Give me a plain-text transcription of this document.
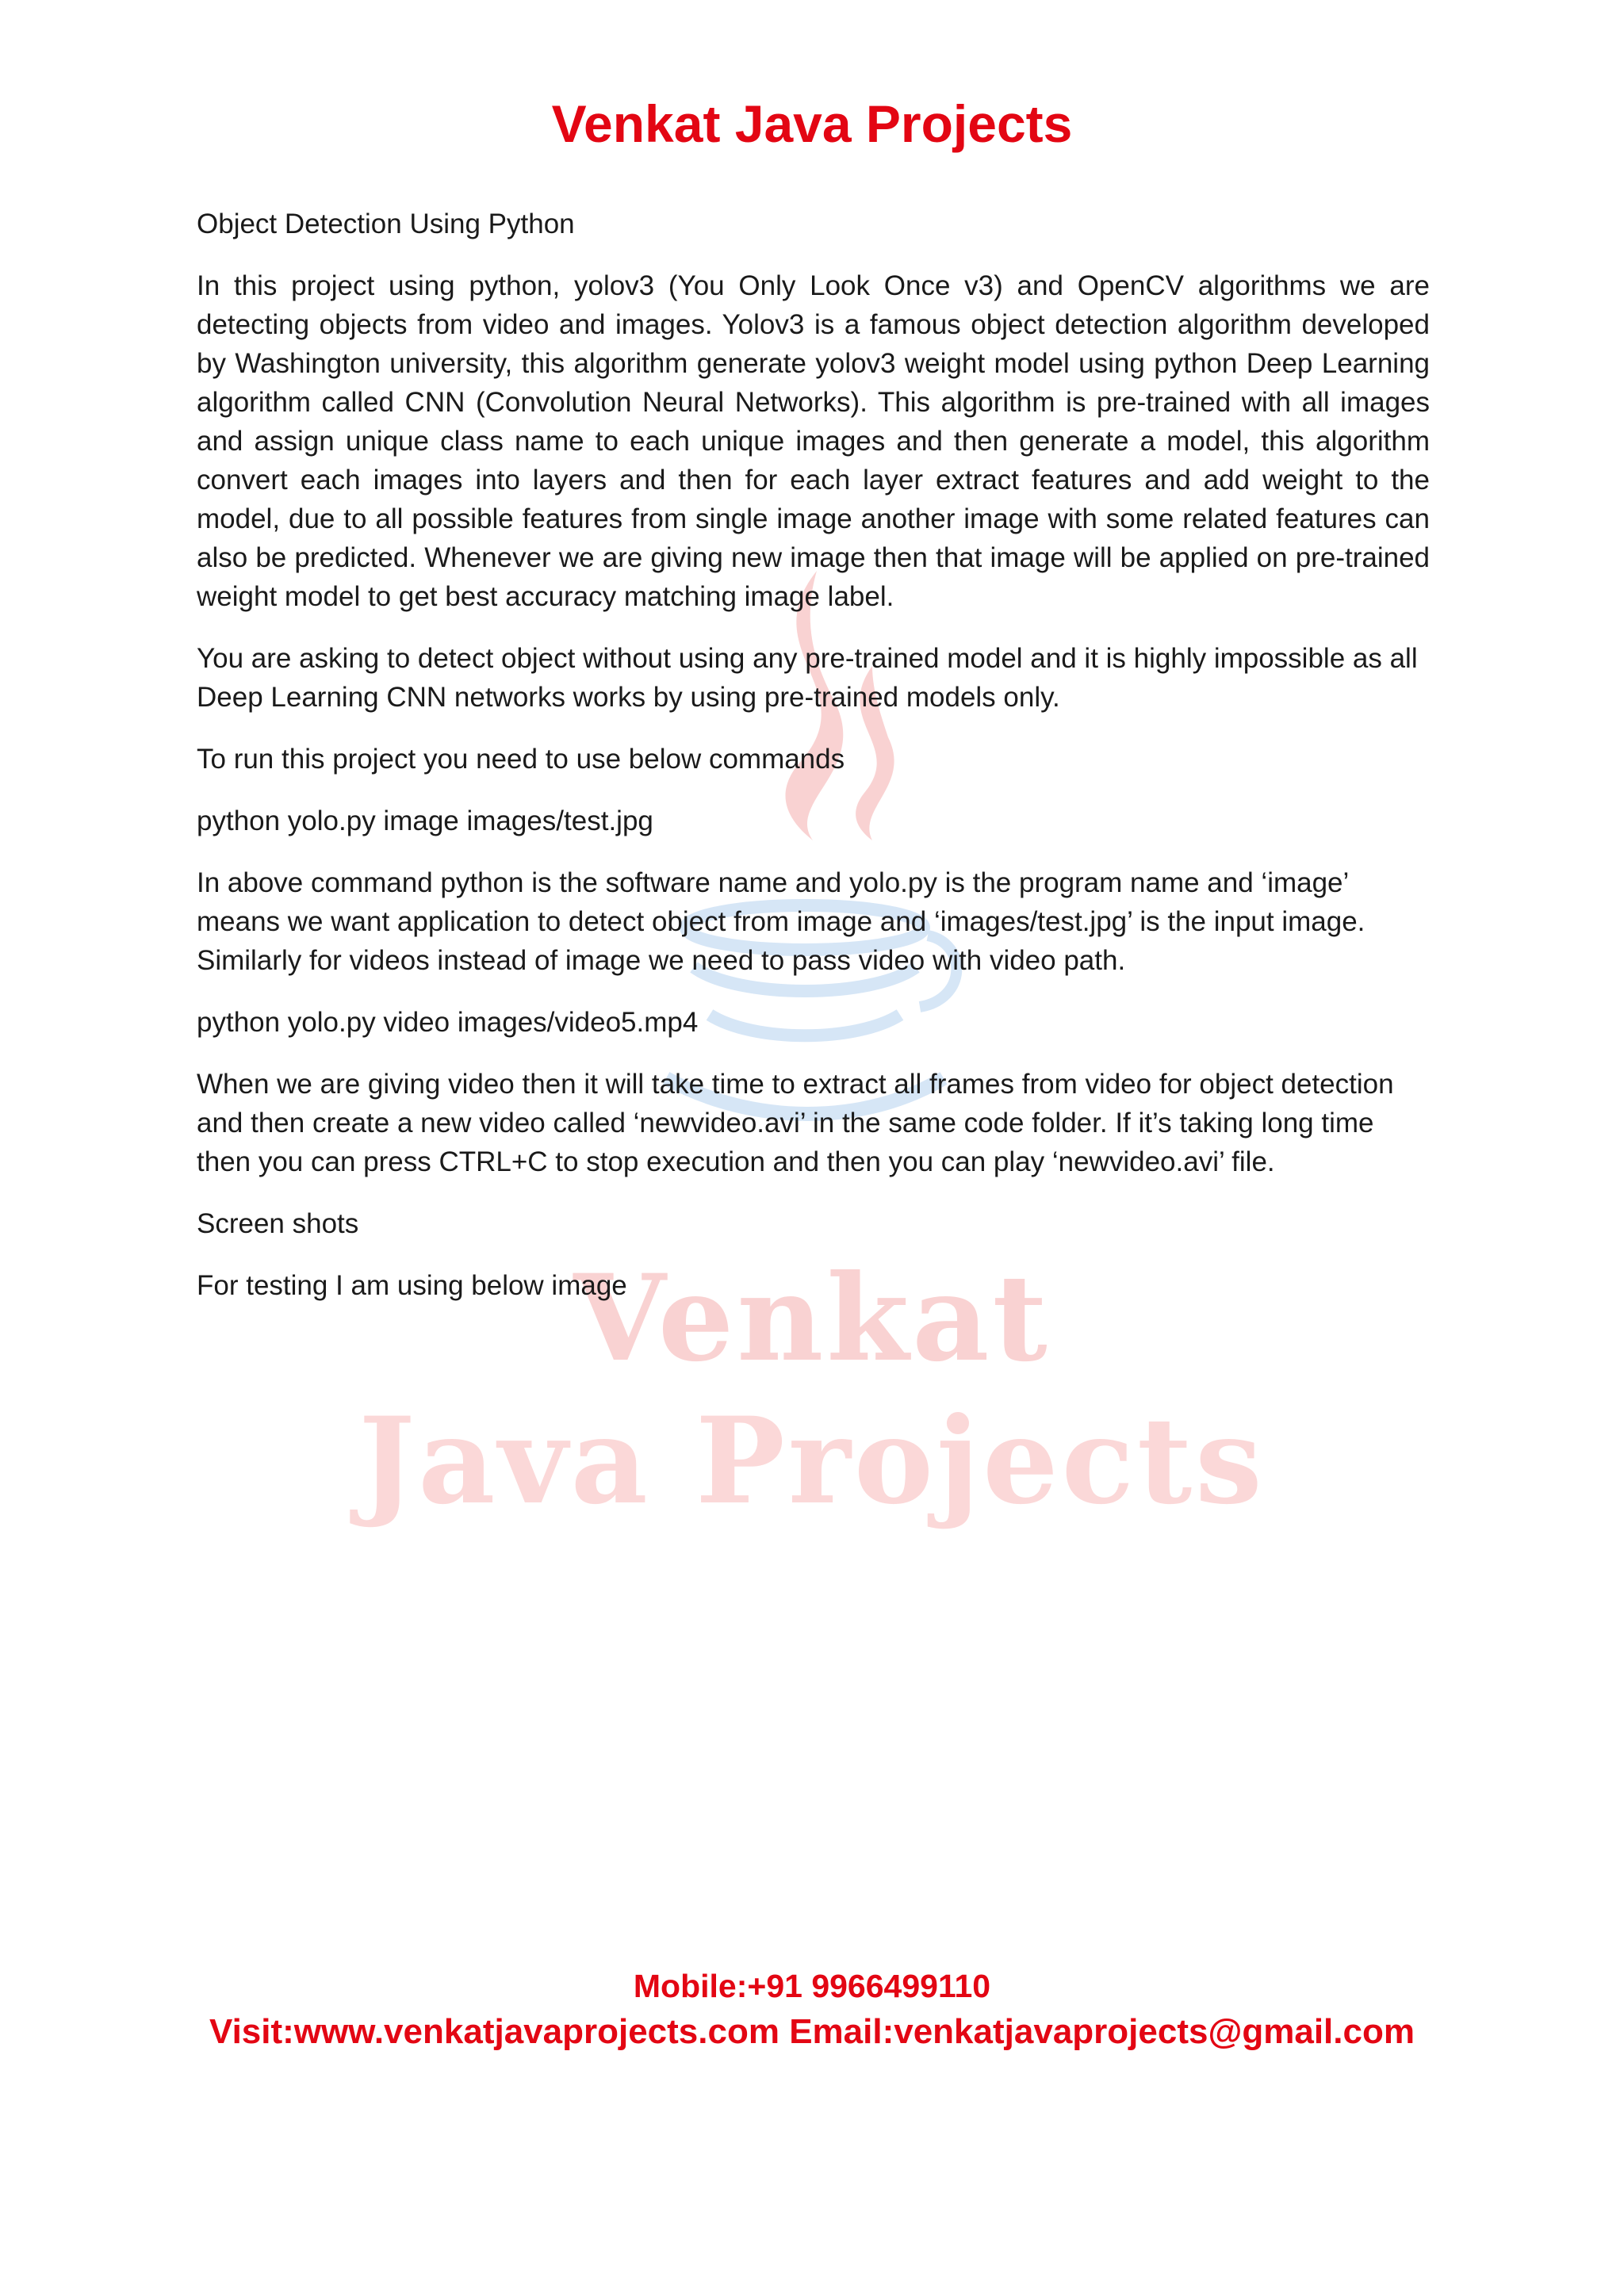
Venkat
Java Projects
Venkat Java Projects

Object Detection Using Python

In this project using python, yolov3 (You Only Look Once v3) and OpenCV algorithms we are detecting objects from video and images. Yolov3 is a famous object detection algorithm developed by Washington university, this algorithm generate yolov3 weight model using python Deep Learning algorithm called CNN (Convolution Neural Networks). This algorithm is pre-trained with all images and assign unique class name to each unique images and then generate a model, this algorithm convert each images into layers and then for each layer extract features and add weight to the model, due to all possible features from single image another image with some related features can also be predicted. Whenever we are giving new image then that image will be applied on pre-trained weight model to get best accuracy matching image label.

You are asking to detect object without using any pre-trained model and it is highly impossible as all Deep Learning CNN networks works by using pre-trained models only.

To run this project you need to use below commands

python yolo.py image images/test.jpg

In above command python is the software name and yolo.py is the program name and ‘image’ means we want application to detect object from image and ‘images/test.jpg’ is the input image. Similarly for videos instead of image we need to pass video with video path.

python yolo.py video images/video5.mp4

When we are giving video then it will take time to extract all frames from video for object detection and then create a new video called ‘newvideo.avi’ in the same code folder. If it’s taking long time then you can press CTRL+C to stop execution and then you can play ‘newvideo.avi’ file.

Screen shots

For testing I am using below image

Mobile:+91 9966499110
Visit:www.venkatjavaprojects.com Email:venkatjavaprojects@gmail.com
